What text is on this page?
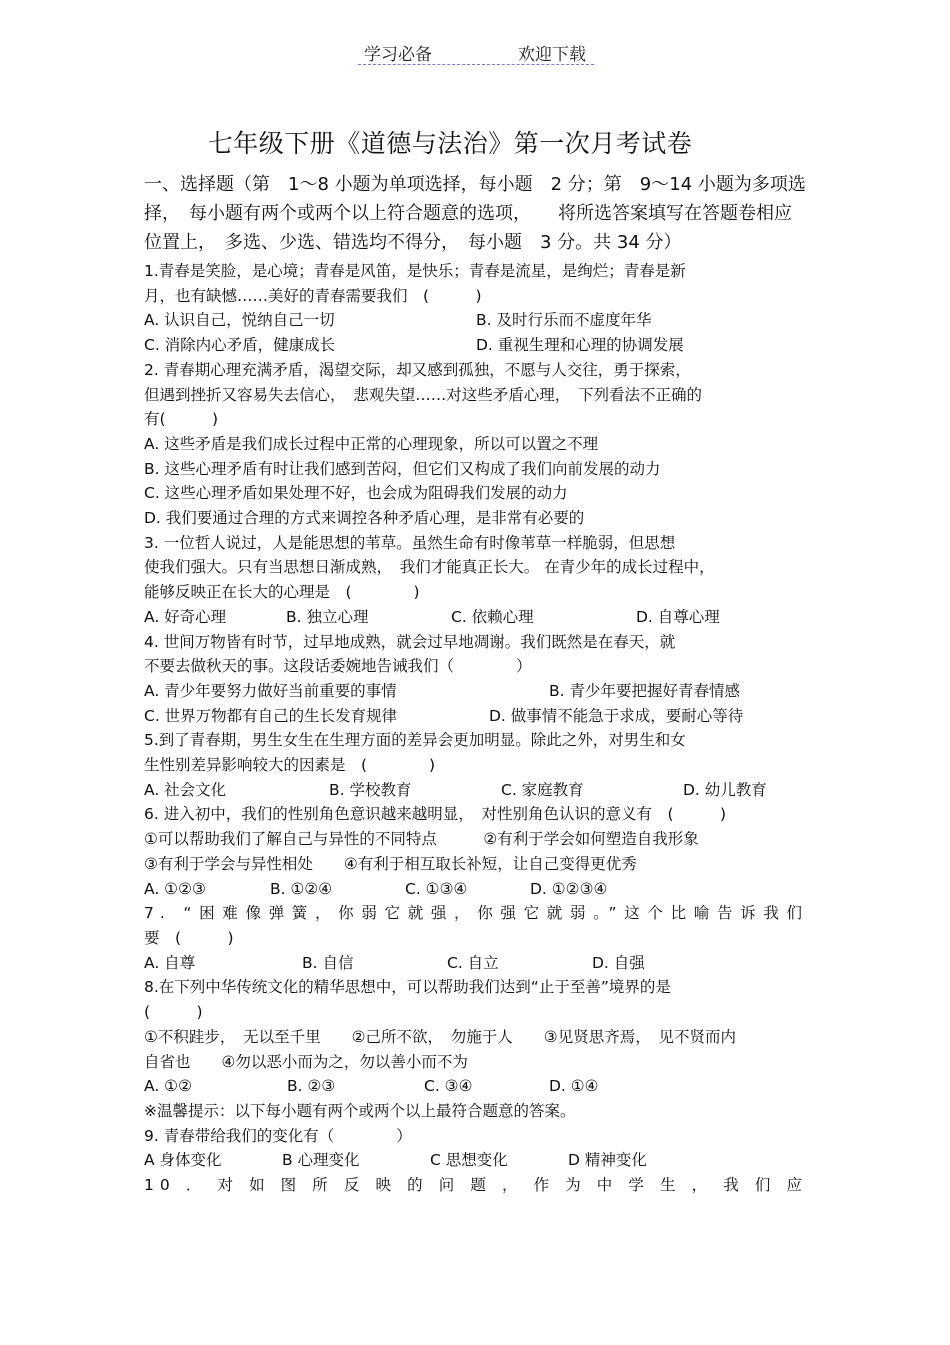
学习必备	欢迎下载
七年级下册《道德与法治》第一次月考试卷
一、选择题（第　1～8 小题为单项选择，每小题　2 分；第　9～14 小题为多项选择，　每小题有两个或两个以上符合题意的选项，　　将所选答案填写在答题卷相应位置上，　多选、少选、错选均不得分，　每小题　3 分。共 34 分）
1.青春是笑脸，是心境；青春是风笛，是快乐；青春是流星，是绚烂；青春是新
月，也有缺憾……美好的青春需要我们　(　　　)
A. 认识自己，悦纳自己一切	B. 及时行乐而不虚度年华
C. 消除内心矛盾，健康成长	D. 重视生理和心理的协调发展
2. 青春期心理充满矛盾，渴望交际，却又感到孤独，不愿与人交往，勇于探索，
但遇到挫折又容易失去信心，　悲观失望……对这些矛盾心理，　下列看法不正确的
有(　　　)
A. 这些矛盾是我们成长过程中正常的心理现象，所以可以置之不理
B. 这些心理矛盾有时让我们感到苦闷，但它们又构成了我们向前发展的动力
C. 这些心理矛盾如果处理不好，也会成为阻碍我们发展的动力
D. 我们要通过合理的方式来调控各种矛盾心理，是非常有必要的
3. 一位哲人说过，人是能思想的苇草。虽然生命有时像苇草一样脆弱，但思想
使我们强大。只有当思想日渐成熟，　我们才能真正长大。 在青少年的成长过程中，
能够反映正在长大的心理是　(　　　　)
A. 好奇心理	B. 独立心理	C. 依赖心理	D. 自尊心理
4. 世间万物皆有时节，过早地成熟，就会过早地凋谢。我们既然是在春天，就
不要去做秋天的事。这段话委婉地告诫我们（　　　　）
A. 青少年要努力做好当前重要的事情	B. 青少年要把握好青春情感
C. 世界万物都有自己的生长发育规律	D. 做事情不能急于求成，要耐心等待
5.到了青春期，男生女生在生理方面的差异会更加明显。除此之外，对男生和女
生性别差异影响较大的因素是　(　　　　)
A. 社会文化	B. 学校教育	C. 家庭教育	D. 幼儿教育
6. 进入初中，我们的性别角色意识越来越明显，　对性别角色认识的意义有　(　　　)
①可以帮助我们了解自己与异性的不同特点　　　②有利于学会如何塑造自我形象
③有利于学会与异性相处　　④有利于相互取长补短，让自己变得更优秀
A. ①②③	B. ①②④	C. ①③④	D. ①②③④
7. “困难像弹簧，你弱它就强，你强它就弱。”这个比喻告诉我们
要　(　　　)
A. 自尊	B. 自信	C. 自立	D. 自强
8.在下列中华传统文化的精华思想中，可以帮助我们达到“止于至善”境界的是
(　　　)
①不积跬步，　无以至千里　　②己所不欲，　勿施于人　　③见贤思齐焉，　见不贤而内
自省也　　④勿以恶小而为之，勿以善小而不为
A. ①②	B. ②③	C. ③④	D. ①④
※温馨提示：以下每小题有两个或两个以上最符合题意的答案。
9. 青春带给我们的变化有（　　　　）
A 身体变化	B 心理变化	C 思想变化	D 精神变化
10．对如图所反映的问题，作为中学生，我们应
